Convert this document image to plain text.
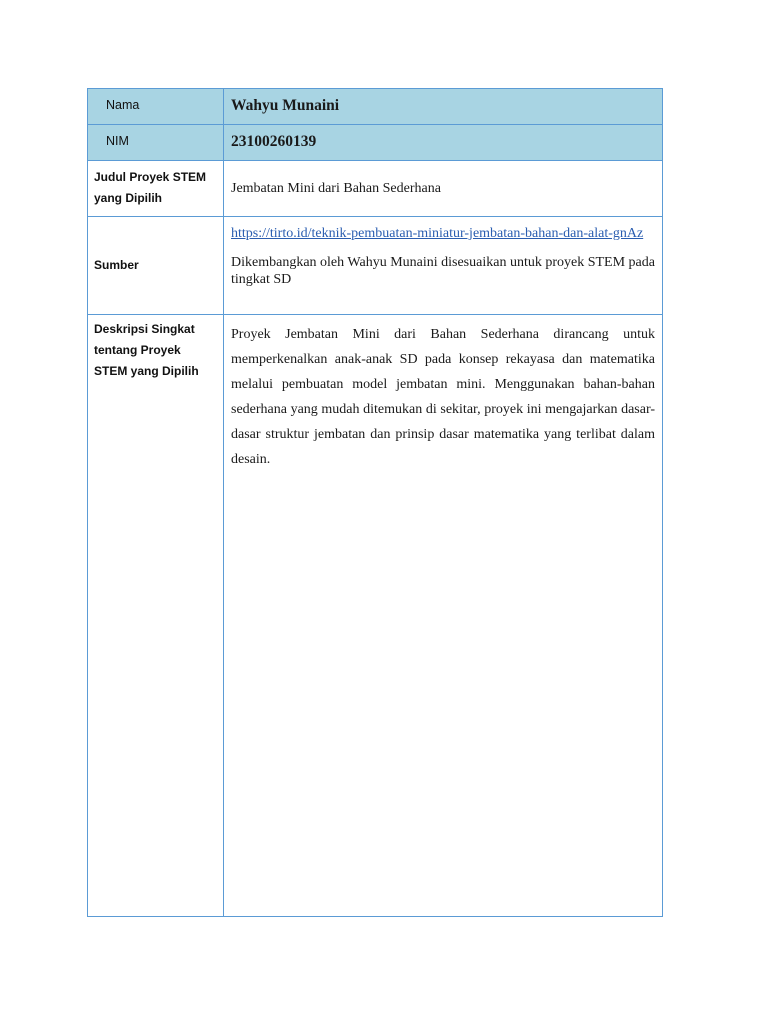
Nama	Wahyu Munaini
NIM	23100260139
Judul Proyek STEM yang Dipilih
Jembatan Mini dari Bahan Sederhana
Sumber
https://tirto.id/teknik-pembuatan-miniatur-jembatan-bahan-dan-alat-gnAz
Dikembangkan oleh Wahyu Munaini disesuaikan untuk proyek STEM pada tingkat SD
Deskripsi Singkat tentang Proyek STEM yang Dipilih
Proyek Jembatan Mini dari Bahan Sederhana dirancang untuk memperkenalkan anak-anak SD pada konsep rekayasa dan matematika melalui pembuatan model jembatan mini. Menggunakan bahan-bahan sederhana yang mudah ditemukan di sekitar, proyek ini mengajarkan dasar-dasar struktur jembatan dan prinsip dasar matematika yang terlibat dalam desain.
